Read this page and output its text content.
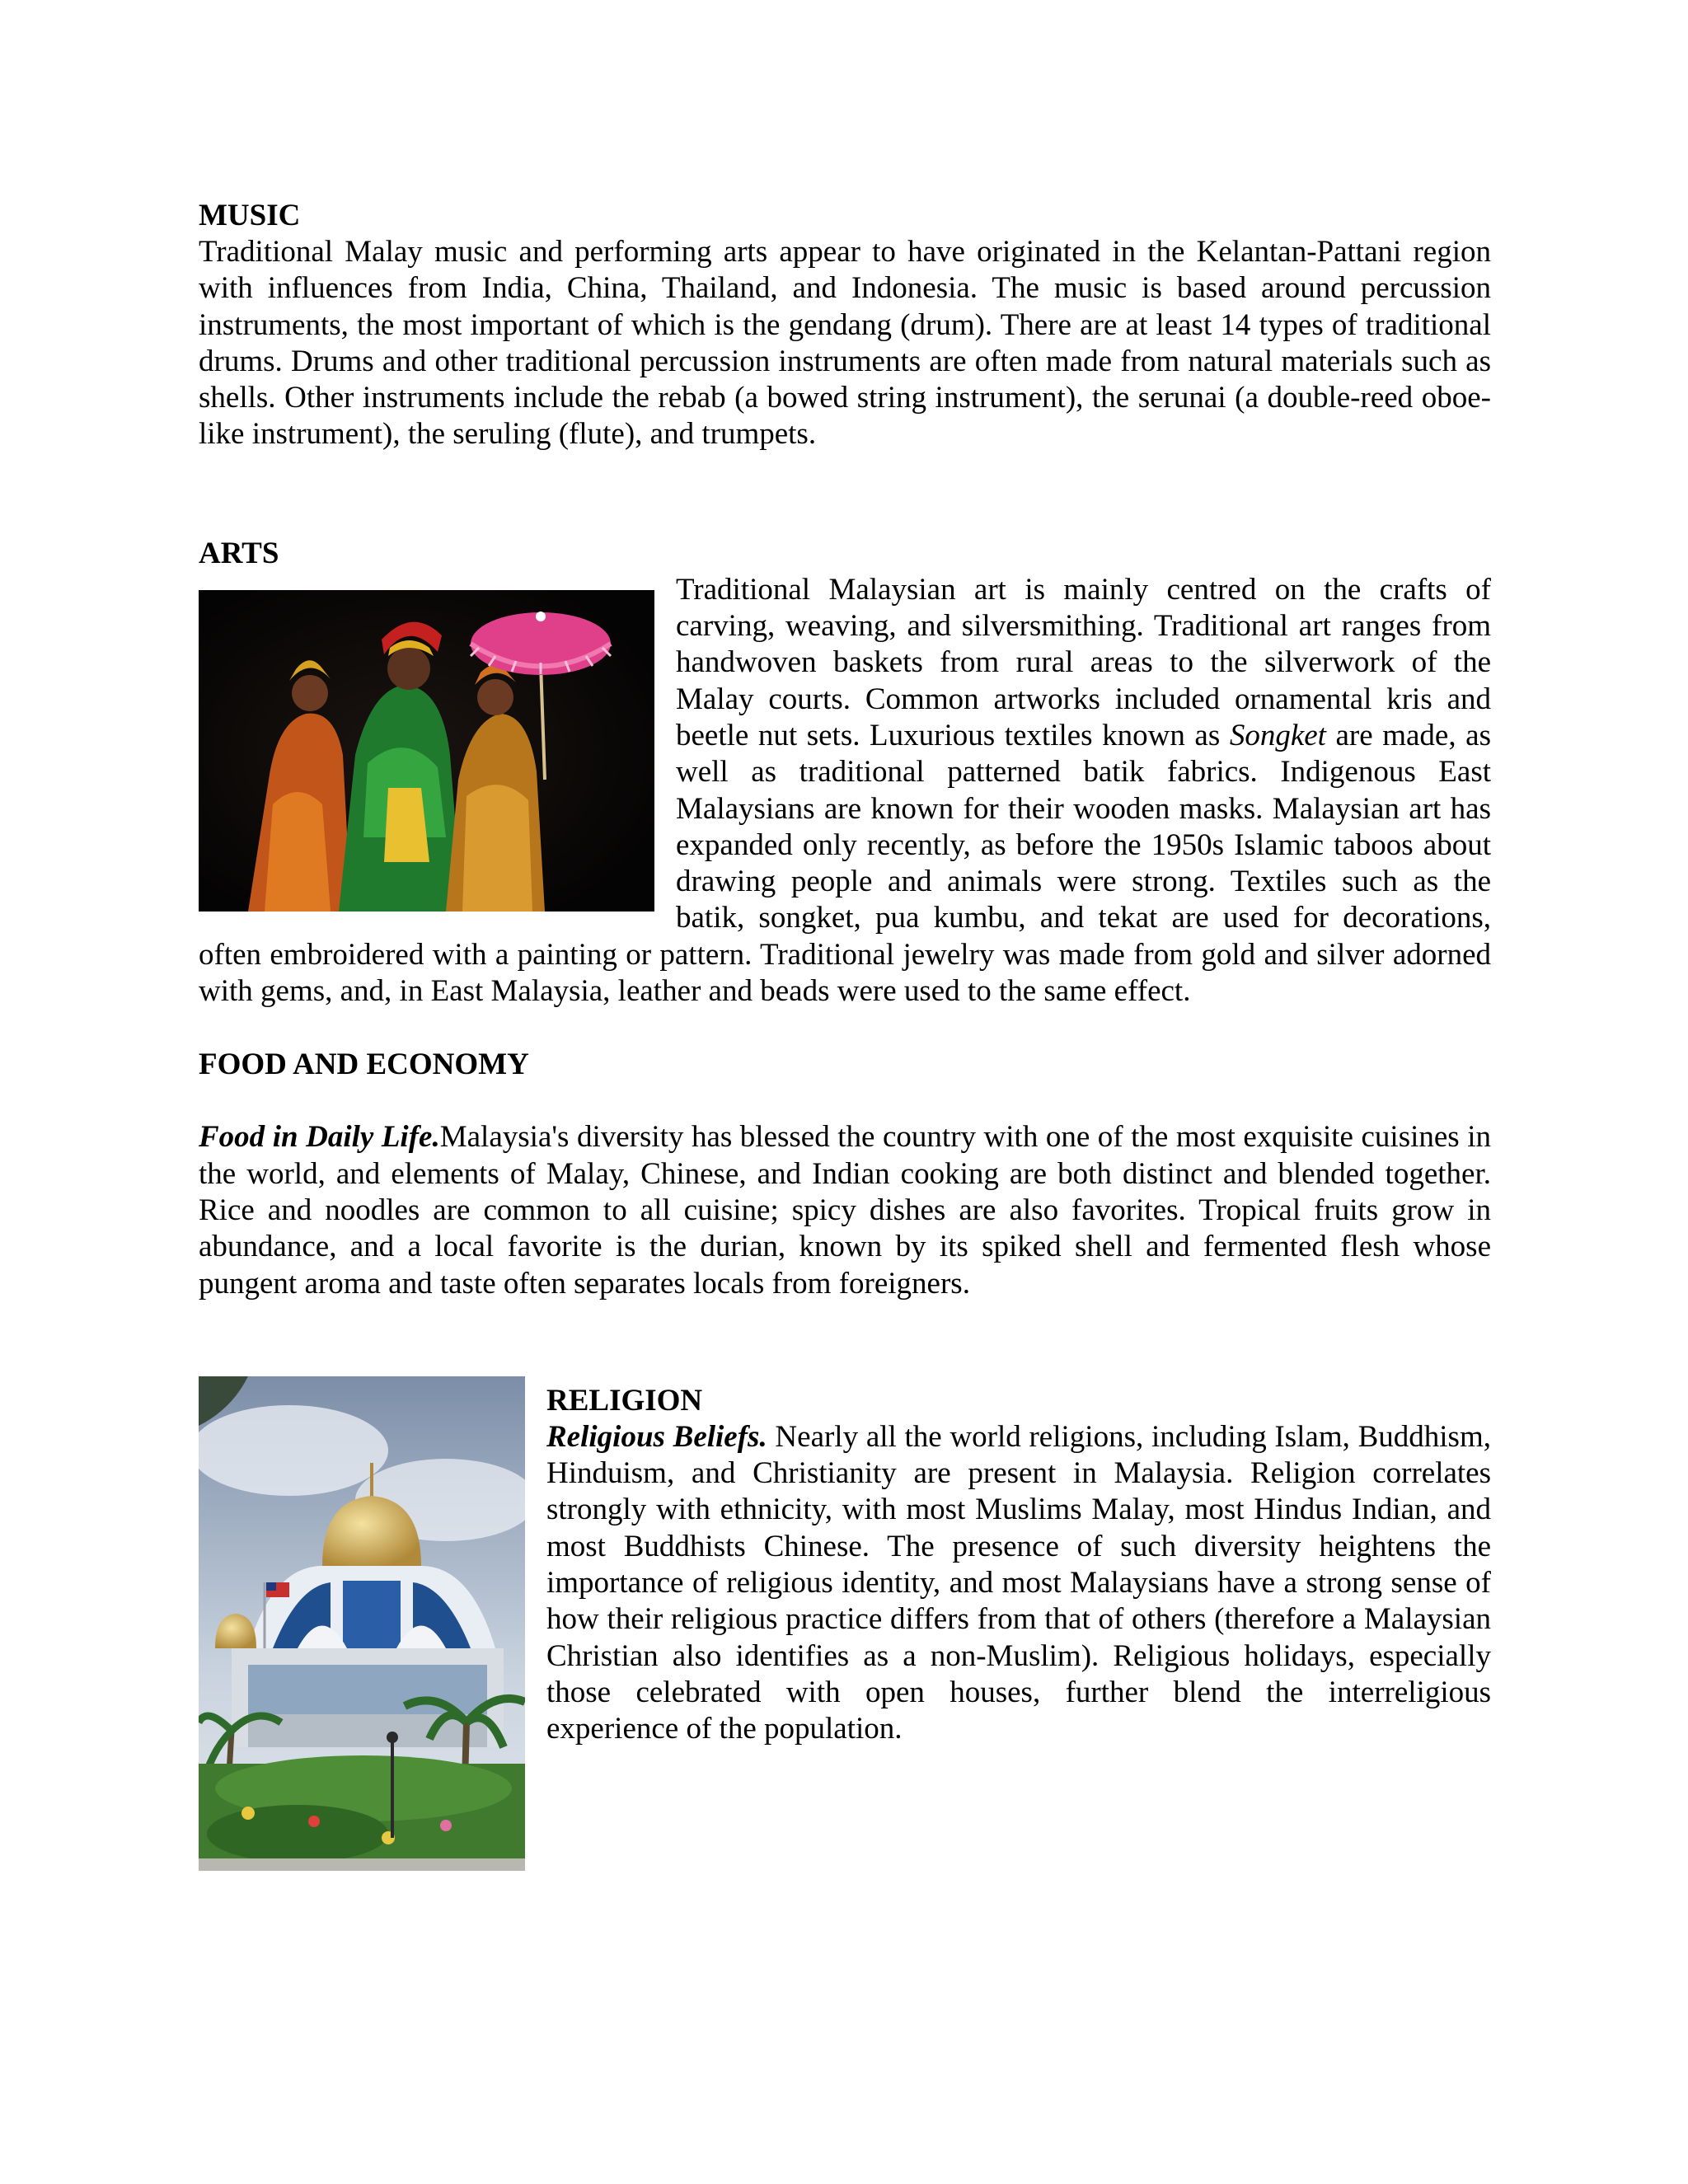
MUSIC

Traditional Malay music and performing arts appear to have originated in the Kelantan-Pattani region with influences from India, China, Thailand, and Indonesia. The music is based around percussion instruments, the most important of which is the gendang (drum). There are at least 14 types of traditional drums. Drums and other traditional percussion instruments are often made from natural materials such as shells. Other instruments include the rebab (a bowed string instrument), the serunai (a double-reed oboe-like instrument), the seruling (flute), and trumpets.

ARTS

Traditional Malaysian art is mainly centred on the crafts of carving, weaving, and silversmithing. Traditional art ranges from handwoven baskets from rural areas to the silverwork of the Malay courts. Common artworks included ornamental kris and beetle nut sets. Luxurious textiles known as Songket are made, as well as traditional patterned batik fabrics. Indigenous East Malaysians are known for their wooden masks. Malaysian art has expanded only recently, as before the 1950s Islamic taboos about drawing people and animals were strong. Textiles such as the batik, songket, pua kumbu, and tekat are used for decorations, often embroidered with a painting or pattern. Traditional jewelry was made from gold and silver adorned with gems, and, in East Malaysia, leather and beads were used to the same effect.

FOOD AND ECONOMY

Food in Daily Life.Malaysia's diversity has blessed the country with one of the most exquisite cuisines in the world, and elements of Malay, Chinese, and Indian cooking are both distinct and blended together. Rice and noodles are common to all cuisine; spicy dishes are also favorites. Tropical fruits grow in abundance, and a local favorite is the durian, known by its spiked shell and fermented flesh whose pungent aroma and taste often separates locals from foreigners.

RELIGION

Religious Beliefs. Nearly all the world religions, including Islam, Buddhism, Hinduism, and Christianity are present in Malaysia. Religion correlates strongly with ethnicity, with most Muslims Malay, most Hindus Indian, and most Buddhists Chinese. The presence of such diversity heightens the importance of religious identity, and most Malaysians have a strong sense of how their religious practice differs from that of others (therefore a Malaysian Christian also identifies as a non-Muslim). Religious holidays, especially those celebrated with open houses, further blend the interreligious experience of the population.
